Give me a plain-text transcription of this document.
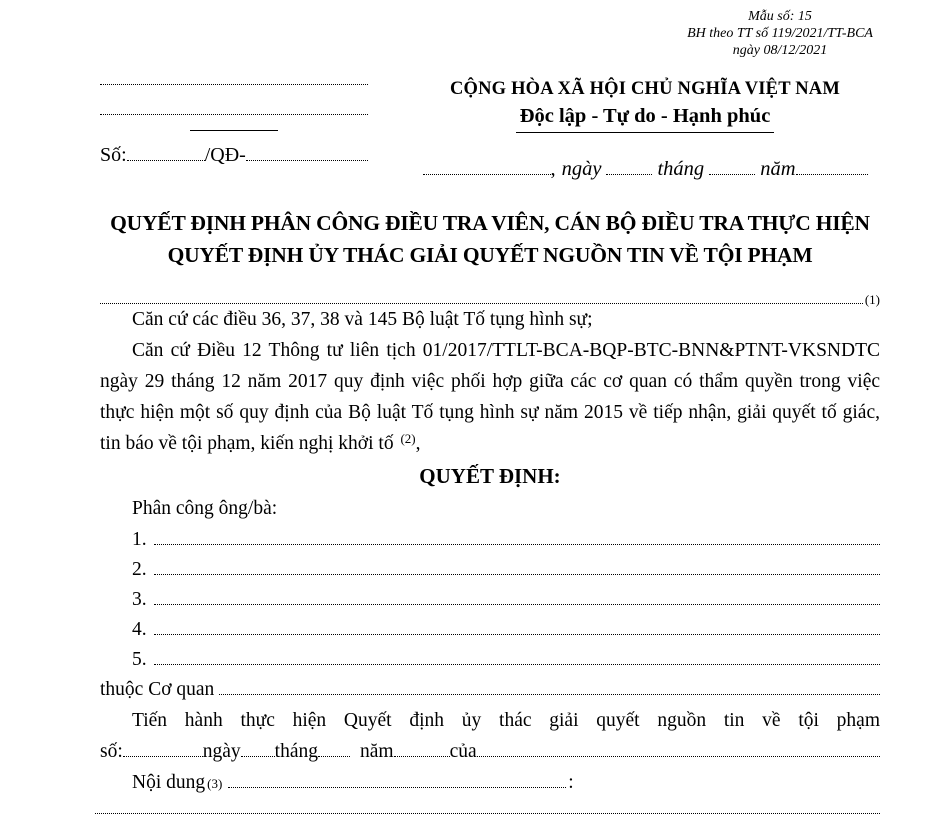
Mẫu số: 15
BH theo TT số 119/2021/TT-BCA
ngày 08/12/2021
Số:	/QĐ-
CỘNG HÒA XÃ HỘI CHỦ NGHĨA VIỆT NAM
Độc lập - Tự do - Hạnh phúc
, ngày	tháng	năm
QUYẾT ĐỊNH PHÂN CÔNG ĐIỀU TRA VIÊN, CÁN BỘ ĐIỀU TRA THỰC HIỆN
QUYẾT ĐỊNH ỦY THÁC GIẢI QUYẾT NGUỒN TIN VỀ TỘI PHẠM
(1)

Căn cứ các điều 36, 37, 38 và 145 Bộ luật Tố tụng hình sự;

Căn cứ Điều 12 Thông tư liên tịch 01/2017/TTLT-BCA-BQP-BTC-BNN&PTNT-VKSNDTC ngày 29 tháng 12 năm 2017 quy định việc phối hợp giữa các cơ quan có thẩm quyền trong việc thực hiện một số quy định của Bộ luật Tố tụng hình sự năm 2015 về tiếp nhận, giải quyết tố giác, tin báo về tội phạm, kiến nghị khởi tố $^{(2)}$,

QUYẾT ĐỊNH:

Phân công ông/bà:

1.
2.
3.
4.
5.
thuộc Cơ quan

Tiến hành thực hiện Quyết định ủy thác giải quyết nguồn tin về tội phạm

số:	ngày tháng năm	của
Nội dung (3)	:
